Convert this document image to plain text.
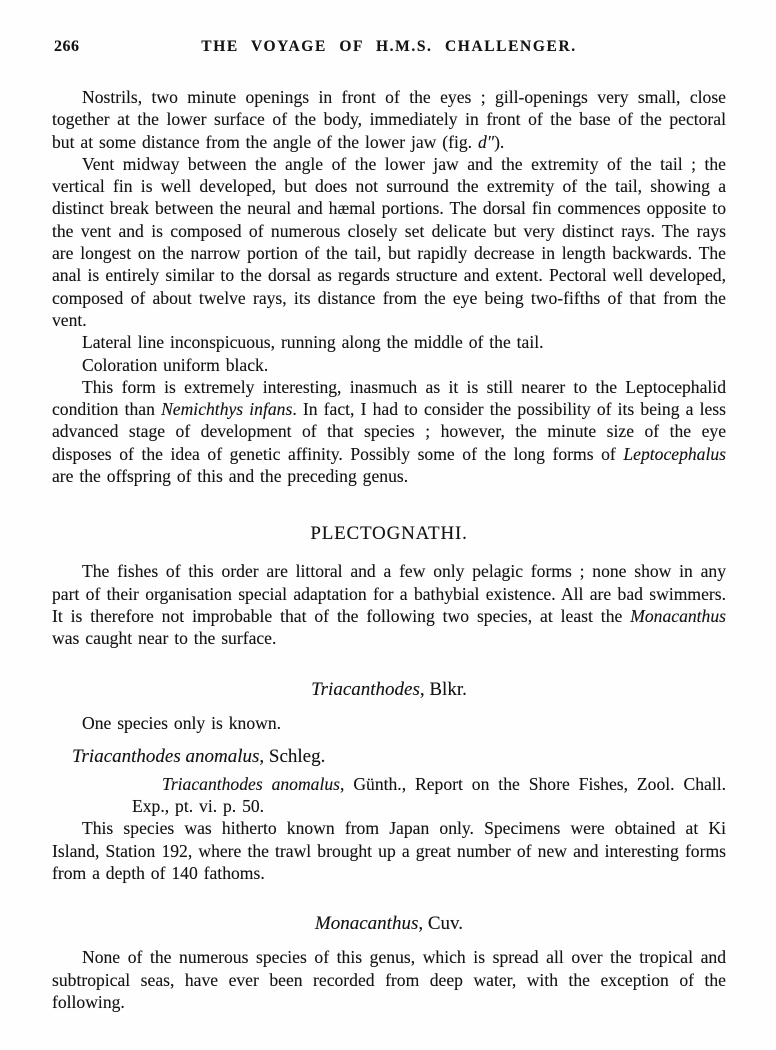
266	THE VOYAGE OF H.M.S. CHALLENGER.

Nostrils, two minute openings in front of the eyes ; gill-openings very small, close together at the lower surface of the body, immediately in front of the base of the pectoral but at some distance from the angle of the lower jaw (fig. d″).

Vent midway between the angle of the lower jaw and the extremity of the tail ; the vertical fin is well developed, but does not surround the extremity of the tail, showing a distinct break between the neural and hæmal portions. The dorsal fin commences opposite to the vent and is composed of numerous closely set delicate but very distinct rays. The rays are longest on the narrow portion of the tail, but rapidly decrease in length backwards. The anal is entirely similar to the dorsal as regards structure and extent. Pectoral well developed, composed of about twelve rays, its distance from the eye being two-fifths of that from the vent.

Lateral line inconspicuous, running along the middle of the tail.

Coloration uniform black.

This form is extremely interesting, inasmuch as it is still nearer to the Leptocephalid condition than Nemichthys infans. In fact, I had to consider the possibility of its being a less advanced stage of development of that species ; however, the minute size of the eye disposes of the idea of genetic affinity. Possibly some of the long forms of Leptocephalus are the offspring of this and the preceding genus.

PLECTOGNATHI.

The fishes of this order are littoral and a few only pelagic forms ; none show in any part of their organisation special adaptation for a bathybial existence. All are bad swimmers. It is therefore not improbable that of the following two species, at least the Monacanthus was caught near to the surface.

Triacanthodes, Blkr.

One species only is known.

Triacanthodes anomalus, Schleg.

Triacanthodes anomalus, Günth., Report on the Shore Fishes, Zool. Chall. Exp., pt. vi. p. 50.

This species was hitherto known from Japan only. Specimens were obtained at Ki Island, Station 192, where the trawl brought up a great number of new and interesting forms from a depth of 140 fathoms.

Monacanthus, Cuv.

None of the numerous species of this genus, which is spread all over the tropical and subtropical seas, have ever been recorded from deep water, with the exception of the following.
